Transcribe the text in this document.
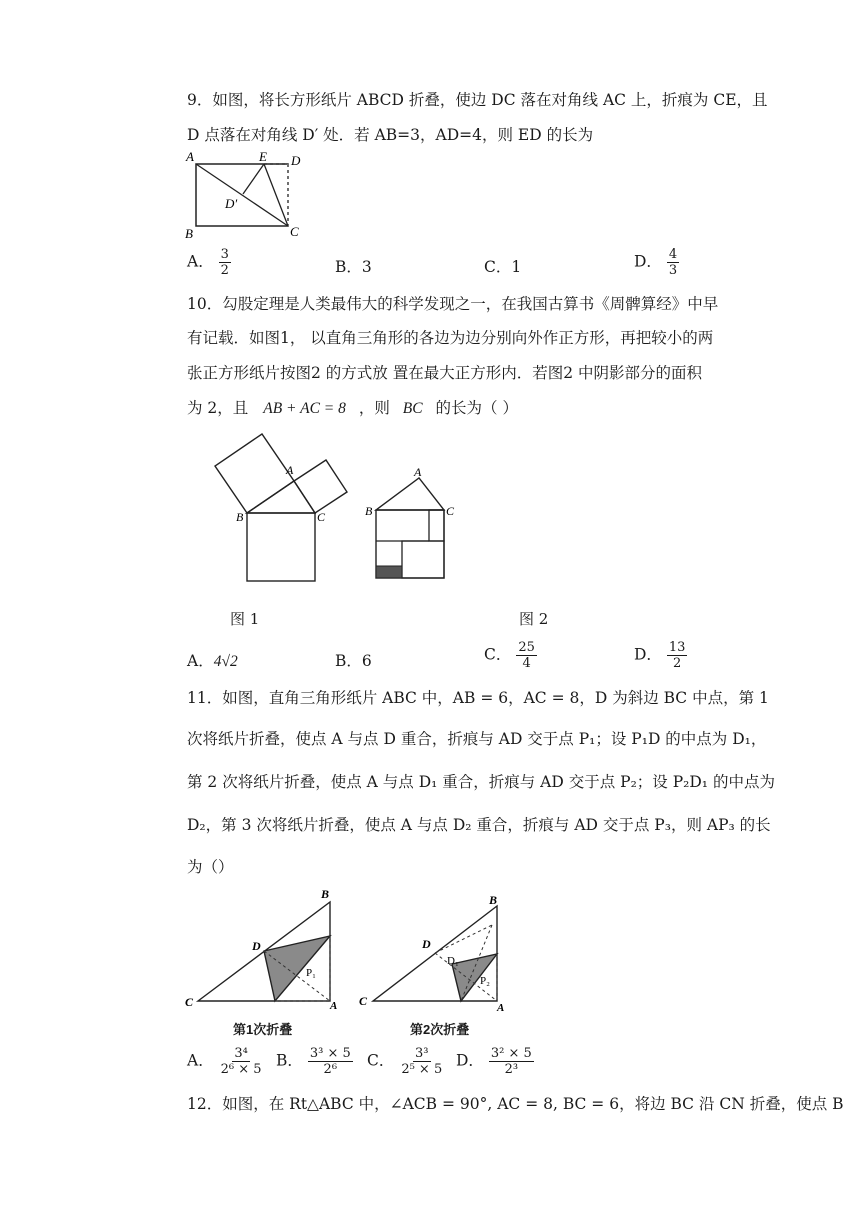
9．如图，将长方形纸片 ABCD 折叠，使边 DC 落在对角线 AC 上，折痕为 CE，且
D 点落在对角线 D′ 处．若 AB=3，AD=4，则 ED 的长为
A	E D
D′
B	C
A． $\frac{3}{2}$	B．3	C．1	D． $\frac{4}{3}$
10．勾股定理是人类最伟大的科学发现之一，在我国古算书《周髀算经》中早
有记载．如图1， 以直角三角形的各边为边分别向外作正方形，再把较小的两
张正方形纸片按图2 的方式放 置在最大正方形内．若图2 中阴影部分的面积
为 2，且 AB + AC = 8 ，则 BC 的长为（ ）
A
B	C
A
B	C
图 1	图 2
A．4√2	B．6	C． $\frac{25}{4}$	D． $\frac{13}{2}$
11．如图，直角三角形纸片 ABC 中，AB = 6，AC = 8，D 为斜边 BC 中点，第 1
次将纸片折叠，使点 A 与点 D 重合，折痕与 AD 交于点 P₁；设 P₁D 的中点为 D₁，
第 2 次将纸片折叠，使点 A 与点 D₁ 重合，折痕与 AD 交于点 P₂；设 P₂D₁ 的中点为
D₂，第 3 次将纸片折叠，使点 A 与点 D₂ 重合，折痕与 AD 交于点 P₃，则 AP₃ 的长
为（）
B
D
P₁
C	A
B
D
D₁
P₂
C	A
第1次折叠	第2次折叠
A． $\frac{\text{3⁴}}{\text{2⁶ × 5}}$ B． $\frac{\text{3³ × 5}}{\text{2⁶}}$ C． $\frac{\text{3³}}{\text{2⁵ × 5}}$ D． $\frac{\text{3² × 5}}{\text{2³}}$
12．如图，在 Rt△ABC 中，∠ACB = 90°, AC = 8, BC = 6，将边 BC 沿 CN 折叠，使点 B
